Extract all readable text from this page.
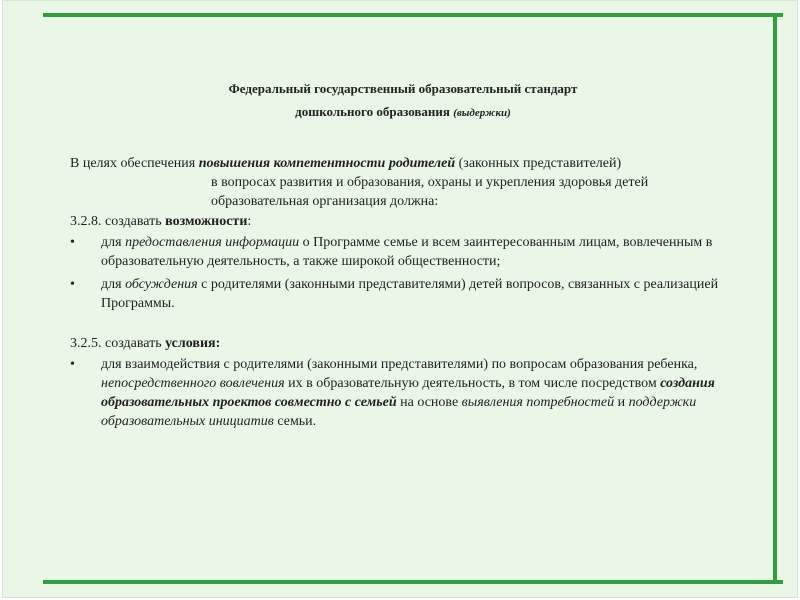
Федеральный государственный образовательный стандарт
дошкольного образования (выдержки)
В целях обеспечения повышения компетентности родителей (законных представителей)
в вопросах развития и образования, охраны и укрепления здоровья детей образовательная организация должна:

3.2.8. создавать возможности:

•	для предоставления информации о Программе семье и всем заинтересованным лицам, вовлеченным в образовательную деятельность, а также широкой общественности;
•	для обсуждения с родителями (законными представителями) детей вопросов, связанных с реализацией Программы.

3.2.5. создавать условия:

•	для взаимодействия с родителями (законными представителями) по вопросам образования ребенка, непосредственного вовлечения их в образовательную деятельность, в том числе посредством создания образовательных проектов совместно с семьей на основе выявления потребностей и поддержки образовательных инициатив семьи.
